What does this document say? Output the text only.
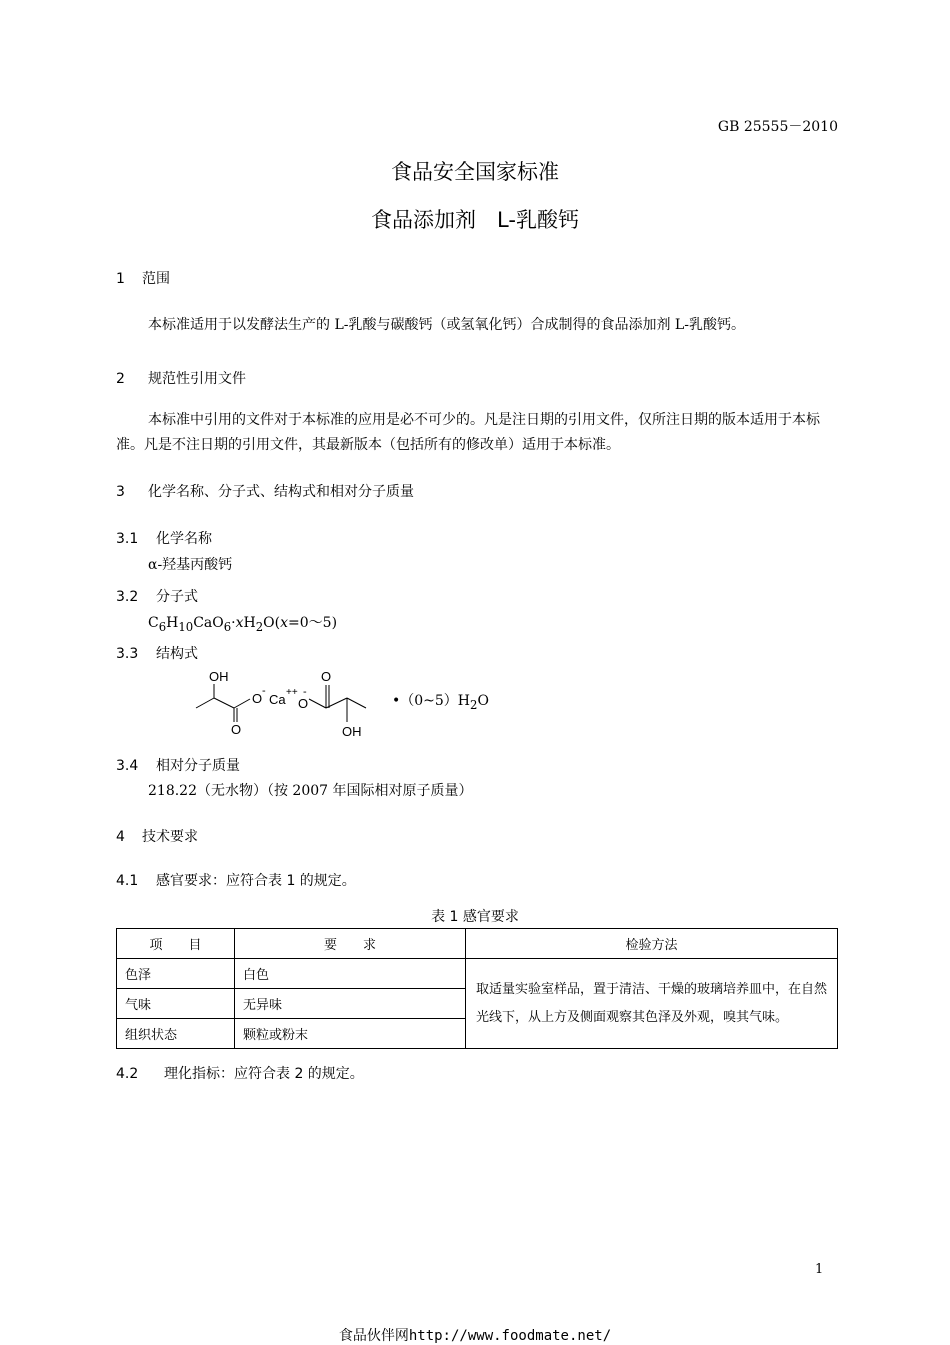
GB 25555－2010
食品安全国家标准
食品添加剂　L-乳酸钙
1 范围
本标准适用于以发酵法生产的 L-乳酸与碳酸钙（或氢氧化钙）合成制得的食品添加剂 L-乳酸钙。
2 规范性引用文件
本标准中引用的文件对于本标准的应用是必不可少的。凡是注日期的引用文件，仅所注日期的版本适用于本标准。凡是不注日期的引用文件，其最新版本（包括所有的修改单）适用于本标准。
3 化学名称、分子式、结构式和相对分子质量
3.1 化学名称
α-羟基丙酸钙
3.2 分子式
$C_6H_{10}CaO_6\cdot xH_2O(x=0\sim 5)$
3.3 结构式
OH
O -
Ca ++ -
O
O
O	OH
$•(0\sim 5)H_2O$
3.4 相对分子质量
218.22（无水物）（按 2007 年国际相对原子质量）
4 技术要求
4.1 感官要求：应符合表 1 的规定。
表 1 感官要求
项　　目	要　　求	检验方法
色泽	白色	取适量实验室样品，置于清洁、干燥的玻璃培养皿中，在自然光线下，从上方及侧面观察其色泽及外观，嗅其气味。
气味	无异味	
组织状态	颗粒或粉末	
4.2 理化指标：应符合表 2 的规定。
1
食品伙伴网http://www.foodmate.net/
